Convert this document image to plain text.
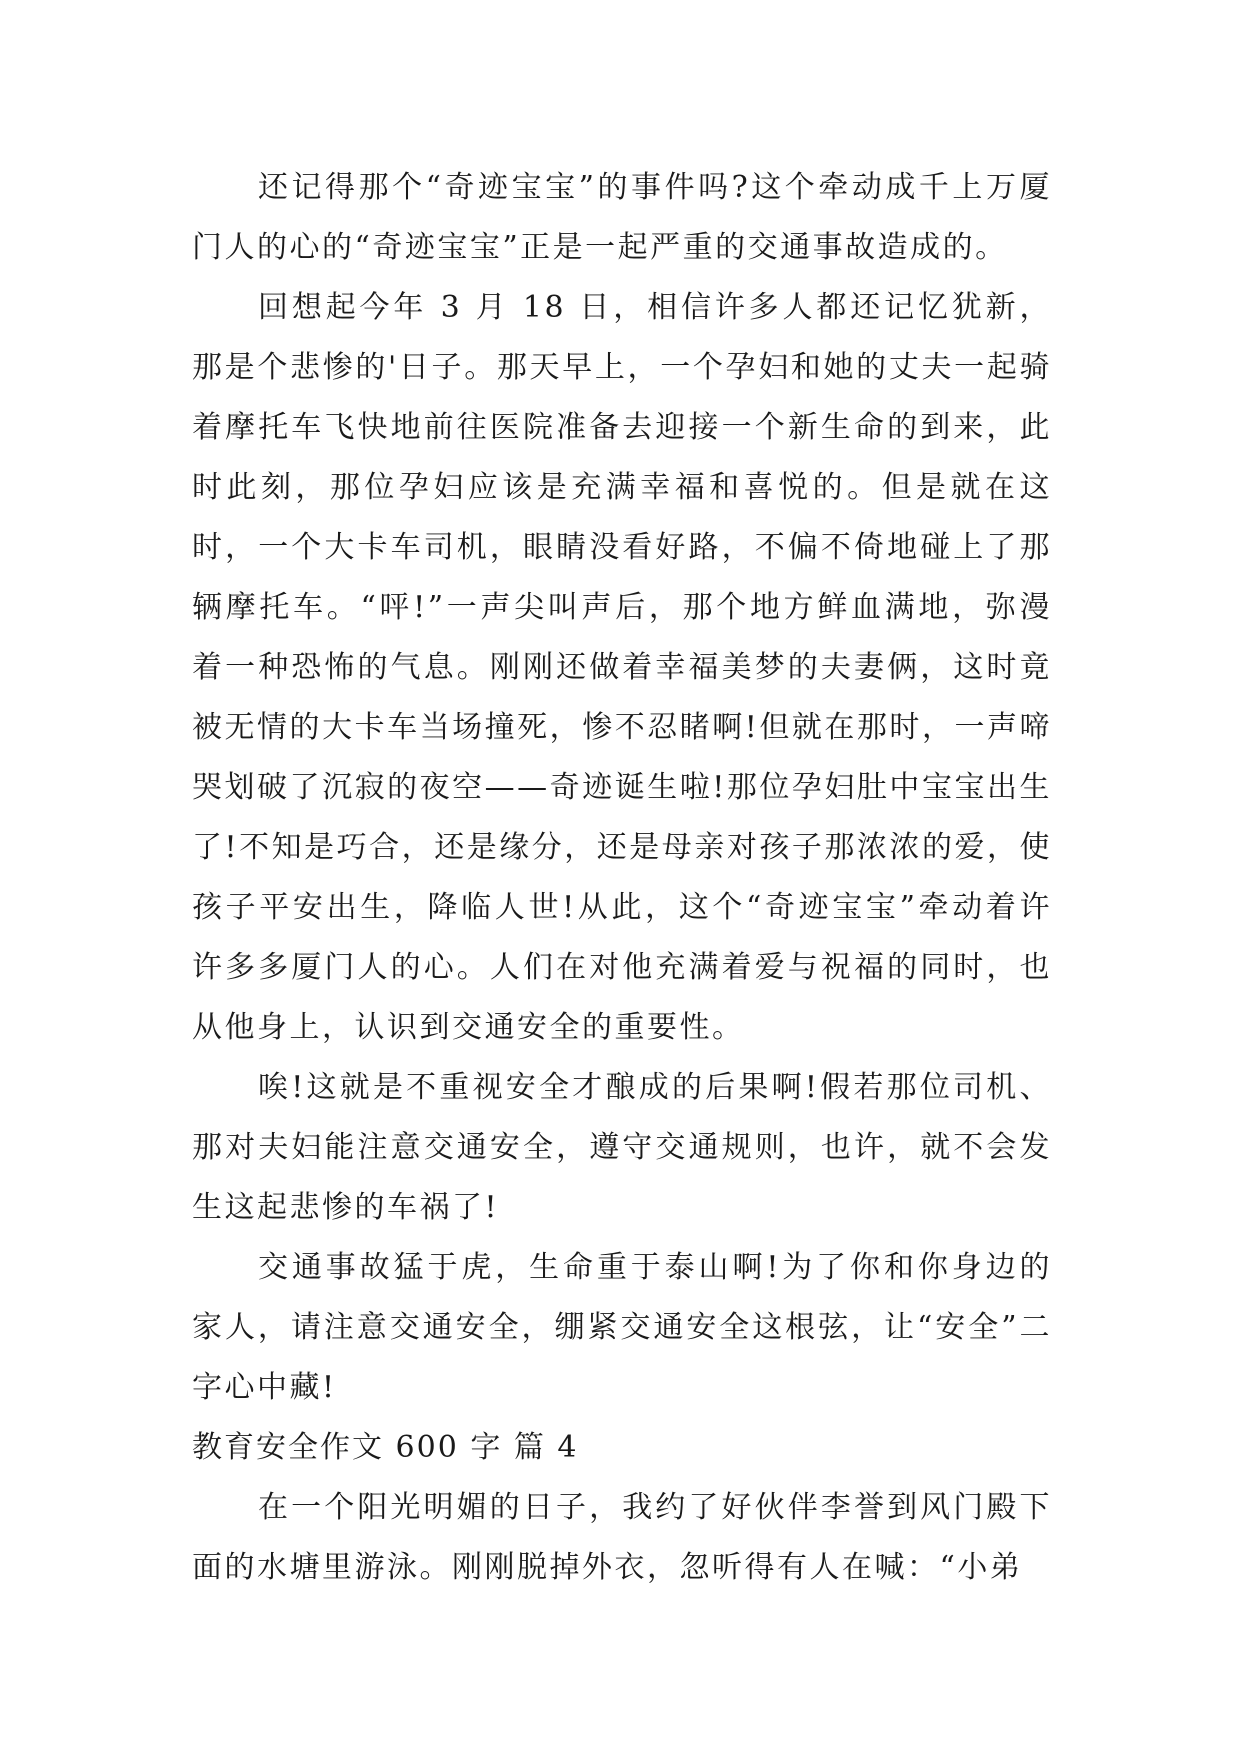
还记得那个“奇迹宝宝”的事件吗?这个牵动成千上万厦门人的心的“奇迹宝宝”正是一起严重的交通事故造成的。

回想起今年 3 月 18 日，相信许多人都还记忆犹新，那是个悲惨的'日子。那天早上，一个孕妇和她的丈夫一起骑着摩托车飞快地前往医院准备去迎接一个新生命的到来，此时此刻，那位孕妇应该是充满幸福和喜悦的。但是就在这时，一个大卡车司机，眼睛没看好路，不偏不倚地碰上了那辆摩托车。“呯!”一声尖叫声后，那个地方鲜血满地，弥漫着一种恐怖的气息。刚刚还做着幸福美梦的夫妻俩，这时竟被无情的大卡车当场撞死，惨不忍睹啊!但就在那时，一声啼哭划破了沉寂的夜空——奇迹诞生啦!那位孕妇肚中宝宝出生了!不知是巧合，还是缘分，还是母亲对孩子那浓浓的爱，使孩子平安出生，降临人世!从此，这个“奇迹宝宝”牵动着许许多多厦门人的心。人们在对他充满着爱与祝福的同时，也从他身上，认识到交通安全的重要性。

唉!这就是不重视安全才酿成的后果啊!假若那位司机、那对夫妇能注意交通安全，遵守交通规则，也许，就不会发生这起悲惨的车祸了!

交通事故猛于虎，生命重于泰山啊!为了你和你身边的家人，请注意交通安全，绷紧交通安全这根弦，让“安全”二字心中藏!

教育安全作文 600 字 篇 4

在一个阳光明媚的日子，我约了好伙伴李誉到风门殿下面的水塘里游泳。刚刚脱掉外衣，忽听得有人在喊：“小弟
